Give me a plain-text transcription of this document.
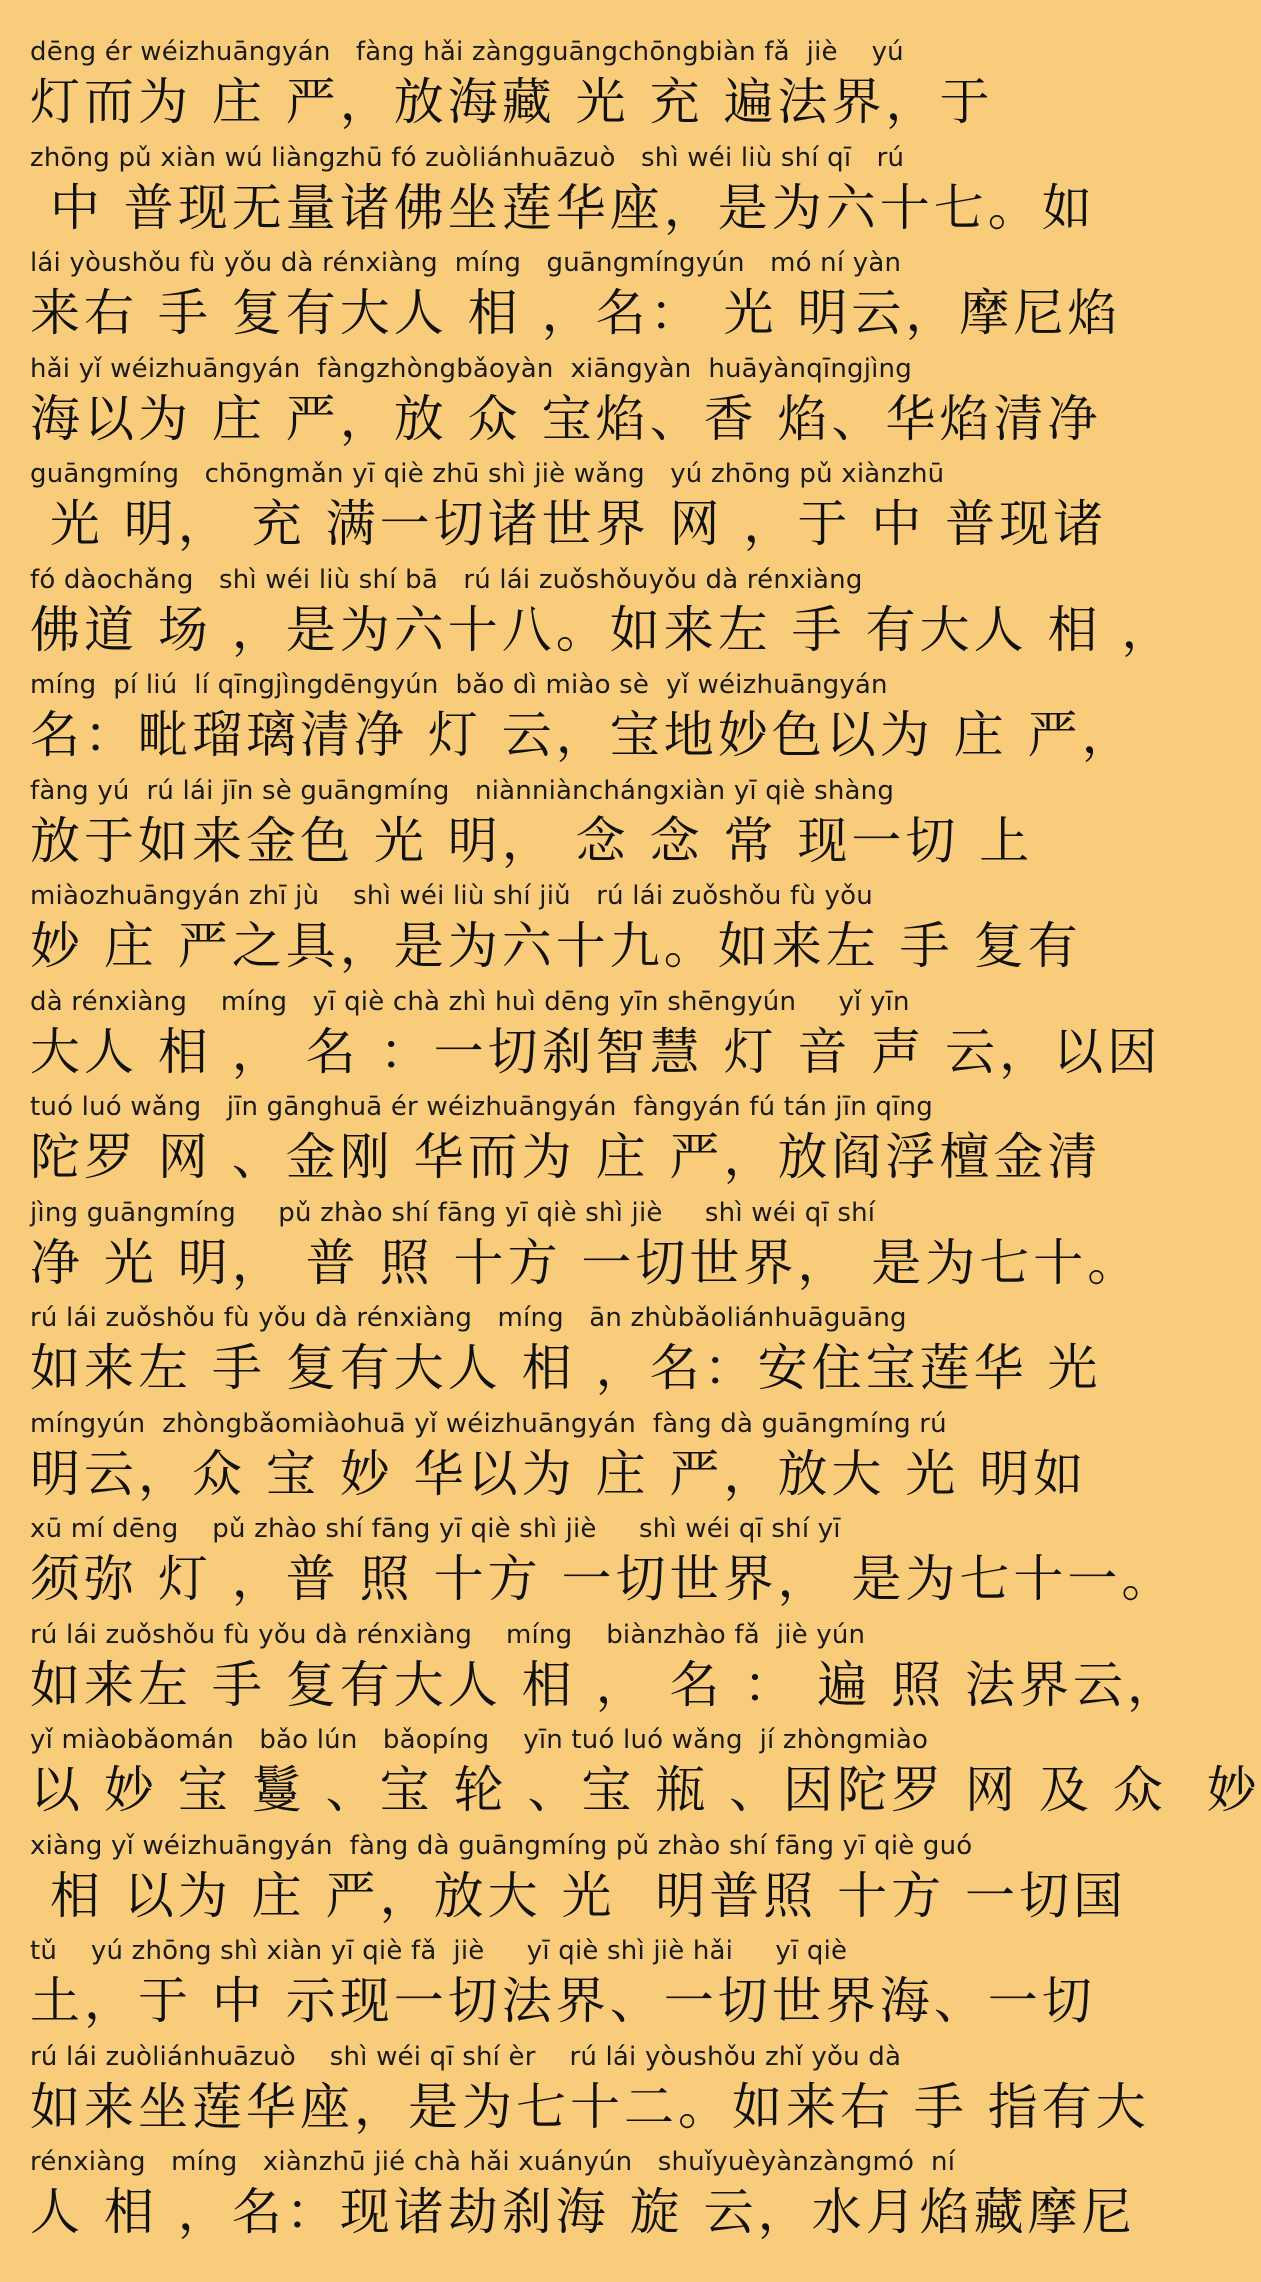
dēng ér wéizhuāngyán   fàng hǎi zàngguāngchōngbiàn fǎ  jiè    yú
灯而为 庄 严，放海藏 光 充 遍法界，于
zhōng pǔ xiàn wú liàngzhū fó zuòliánhuāzuò   shì wéi liù shí qī   rú
中 普现无量诸佛坐莲华座，是为六十七。如
lái yòushǒu fù yǒu dà rénxiàng  míng   guāngmíngyún   mó ní yàn
来右 手 复有大人 相 ，名： 光 明云，摩尼焰
hǎi yǐ wéizhuāngyán  fàngzhòngbǎoyàn  xiāngyàn  huāyànqīngjìng
海以为 庄 严，放 众 宝焰、香 焰、华焰清净
guāngmíng   chōngmǎn yī qiè zhū shì jiè wǎng   yú zhōng pǔ xiànzhū
光 明， 充 满一切诸世界 网 ，于 中 普现诸
fó dàochǎng   shì wéi liù shí bā   rú lái zuǒshǒuyǒu dà rénxiàng
佛道 场 ，是为六十八。如来左 手 有大人 相 ，
míng  pí liú  lí qīngjìngdēngyún  bǎo dì miào sè  yǐ wéizhuāngyán
名：毗瑠璃清净 灯 云，宝地妙色以为 庄 严，
fàng yú  rú lái jīn sè guāngmíng   niànniànchángxiàn yī qiè shàng
放于如来金色 光 明， 念 念 常 现一切 上
miàozhuāngyán zhī jù    shì wéi liù shí jiǔ   rú lái zuǒshǒu fù yǒu
妙 庄 严之具，是为六十九。如来左 手 复有
dà rénxiàng    míng   yī qiè chà zhì huì dēng yīn shēngyún     yǐ yīn
大人 相 ， 名 ：一切刹智慧 灯 音 声 云，以因
tuó luó wǎng   jīn gānghuā ér wéizhuāngyán  fàngyán fú tán jīn qīng
陀罗 网 、金刚 华而为 庄 严，放阎浮檀金清
jìng guāngmíng     pǔ zhào shí fāng yī qiè shì jiè     shì wéi qī shí
净 光 明， 普 照 十方 一切世界， 是为七十。
rú lái zuǒshǒu fù yǒu dà rénxiàng   míng   ān zhùbǎoliánhuāguāng
如来左 手 复有大人 相 ，名：安住宝莲华 光
míngyún  zhòngbǎomiàohuā yǐ wéizhuāngyán  fàng dà guāngmíng rú
明云，众 宝 妙 华以为 庄 严，放大 光 明如
xū mí dēng    pǔ zhào shí fāng yī qiè shì jiè     shì wéi qī shí yī
须弥 灯 ，普 照 十方 一切世界， 是为七十一。
rú lái zuǒshǒu fù yǒu dà rénxiàng    míng    biànzhào fǎ  jiè yún
如来左 手 复有大人 相 ， 名 ： 遍 照 法界云，
yǐ miàobǎomán   bǎo lún   bǎopíng    yīn tuó luó wǎng  jí zhòngmiào
以 妙 宝 鬘 、宝 轮 、宝 瓶 、因陀罗 网 及 众  妙
xiàng yǐ wéizhuāngyán  fàng dà guāngmíng pǔ zhào shí fāng yī qiè guó
相 以为 庄 严，放大 光  明普照 十方 一切国
tǔ    yú zhōng shì xiàn yī qiè fǎ  jiè     yī qiè shì jiè hǎi     yī qiè
土，于 中 示现一切法界、一切世界海、一切
rú lái zuòliánhuāzuò    shì wéi qī shí èr    rú lái yòushǒu zhǐ yǒu dà
如来坐莲华座，是为七十二。如来右 手 指有大
rénxiàng   míng   xiànzhū jié chà hǎi xuányún   shuǐyuèyànzàngmó  ní
人 相 ，名：现诸劫刹海 旋 云，水月焰藏摩尼
